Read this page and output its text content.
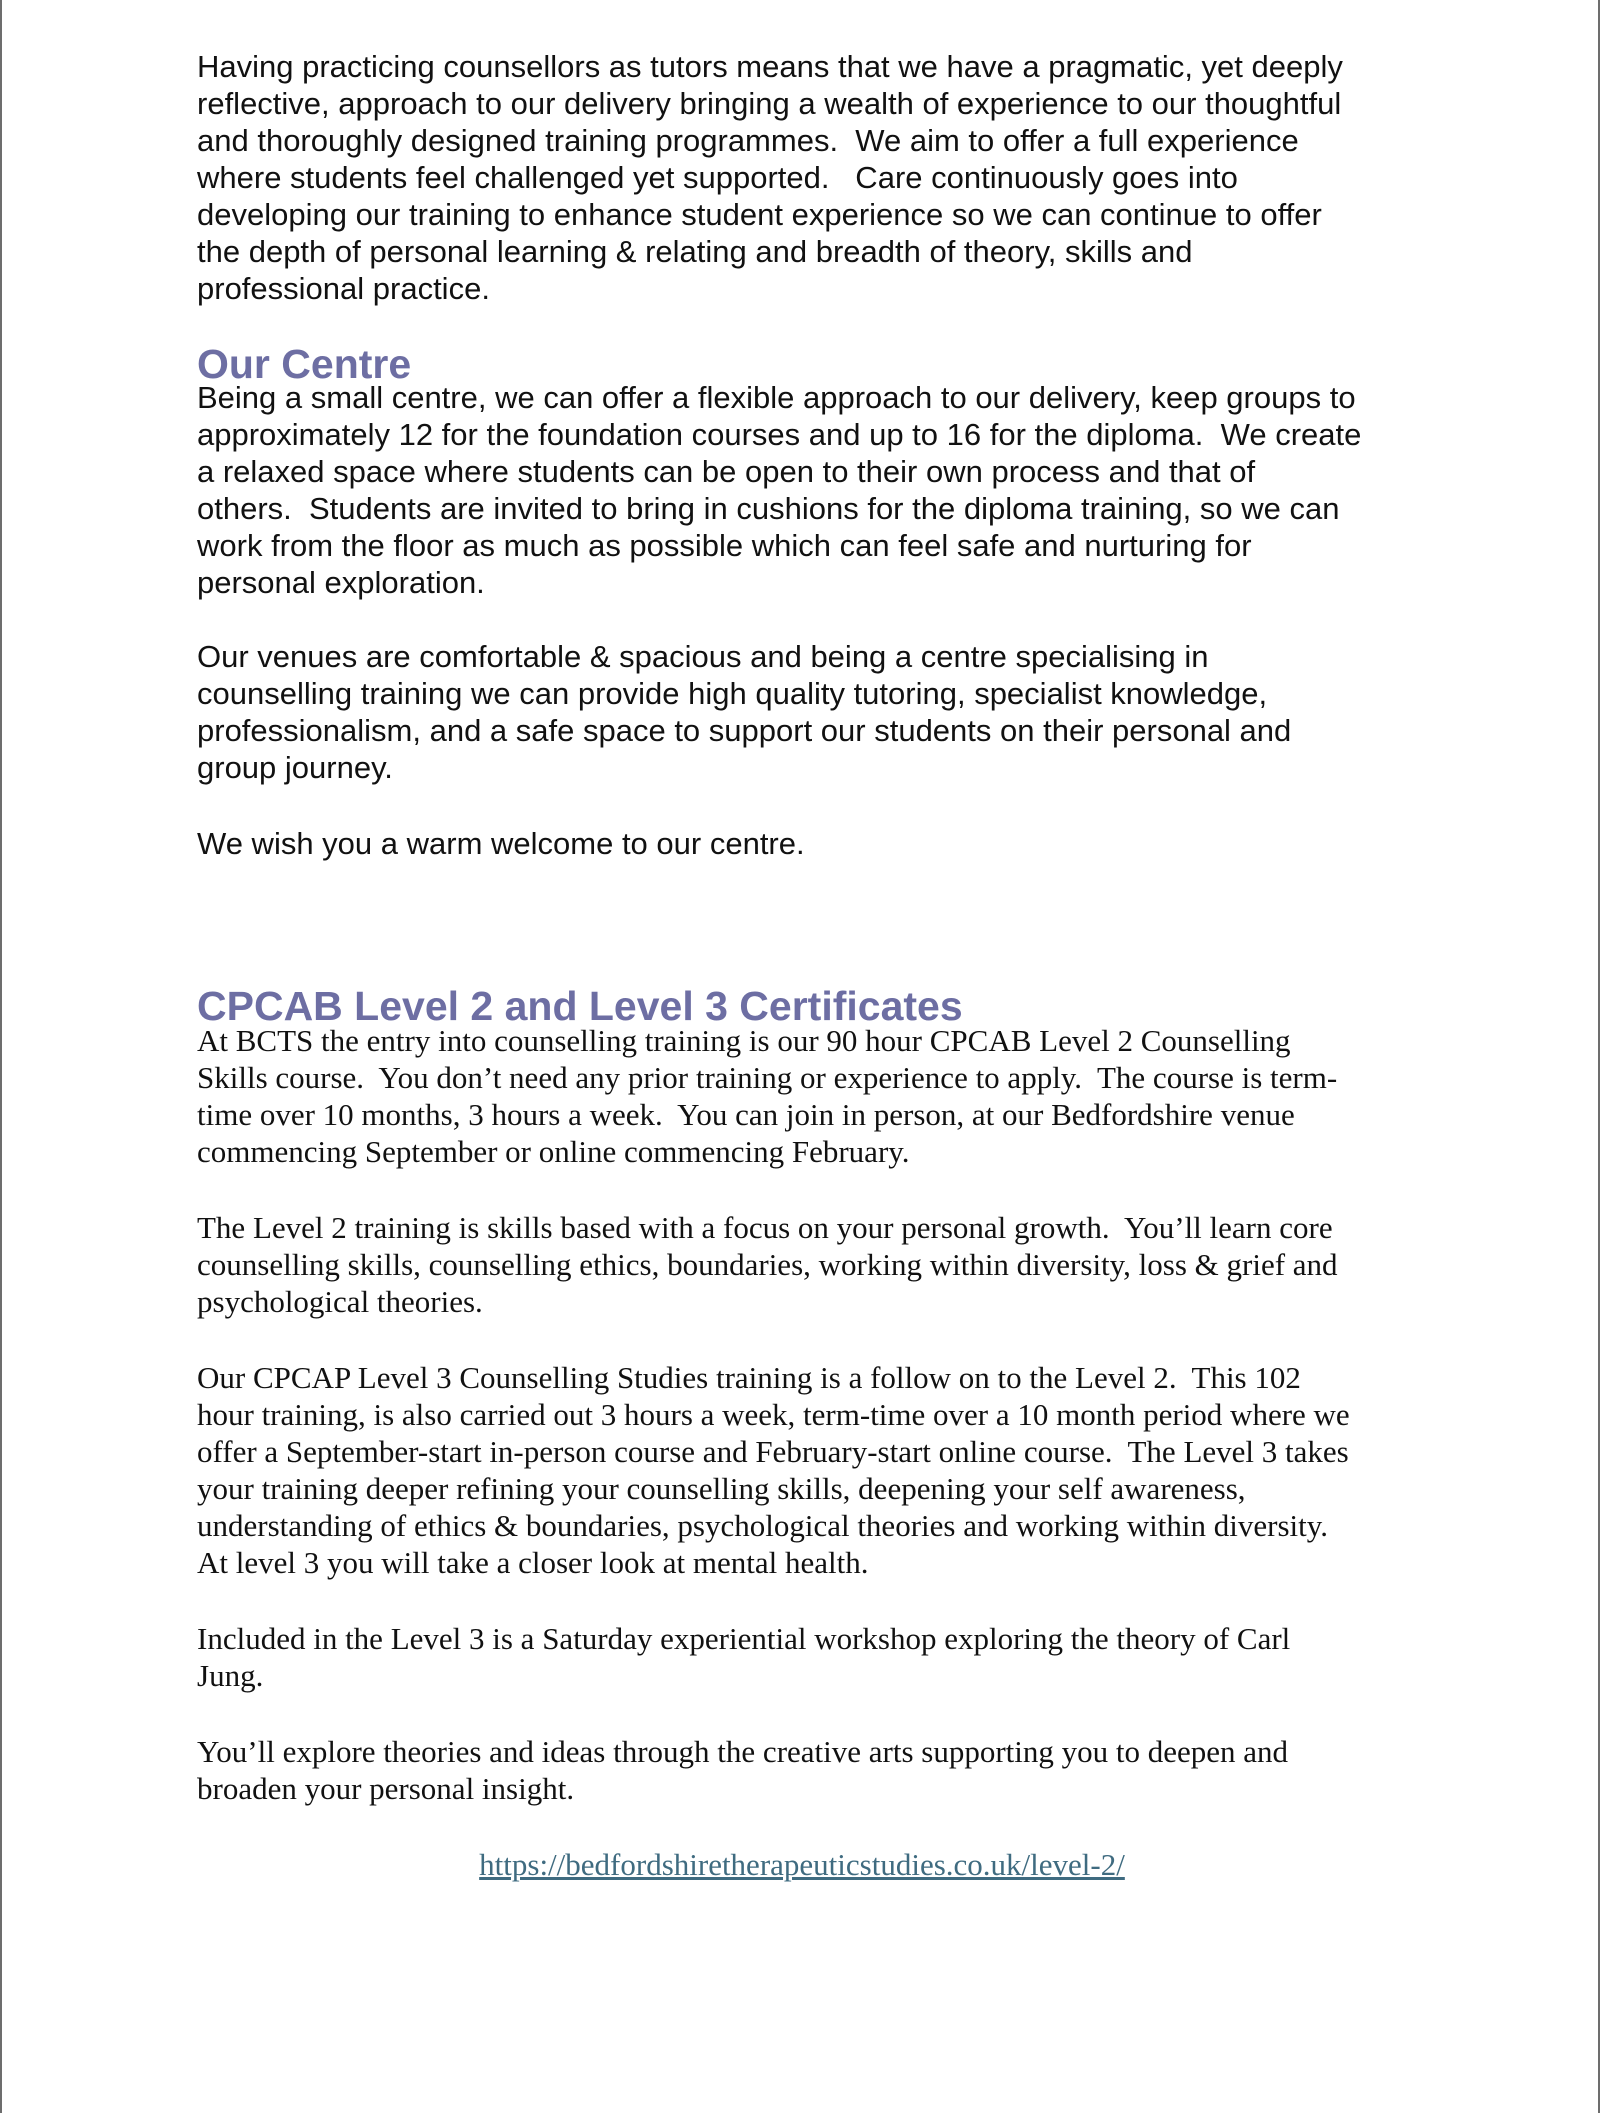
Having practicing counsellors as tutors means that we have a pragmatic, yet deeply
reflective, approach to our delivery bringing a wealth of experience to our thoughtful
and thoroughly designed training programmes.  We aim to offer a full experience
where students feel challenged yet supported.   Care continuously goes into
developing our training to enhance student experience so we can continue to offer
the depth of personal learning & relating and breadth of theory, skills and
professional practice.

Our Centre

Being a small centre, we can offer a flexible approach to our delivery, keep groups to
approximately 12 for the foundation courses and up to 16 for the diploma.  We create
a relaxed space where students can be open to their own process and that of
others.  Students are invited to bring in cushions for the diploma training, so we can
work from the floor as much as possible which can feel safe and nurturing for
personal exploration.

Our venues are comfortable & spacious and being a centre specialising in
counselling training we can provide high quality tutoring, specialist knowledge,
professionalism, and a safe space to support our students on their personal and
group journey.

We wish you a warm welcome to our centre.

CPCAB Level 2 and Level 3 Certificates

At BCTS the entry into counselling training is our 90 hour CPCAB Level 2 Counselling
Skills course.  You don’t need any prior training or experience to apply.  The course is term-
time over 10 months, 3 hours a week.  You can join in person, at our Bedfordshire venue
commencing September or online commencing February.

The Level 2 training is skills based with a focus on your personal growth.  You’ll learn core
counselling skills, counselling ethics, boundaries, working within diversity, loss & grief and
psychological theories.

Our CPCAP Level 3 Counselling Studies training is a follow on to the Level 2.  This 102
hour training, is also carried out 3 hours a week, term-time over a 10 month period where we
offer a September-start in-person course and February-start online course.  The Level 3 takes
your training deeper refining your counselling skills, deepening your self awareness,
understanding of ethics & boundaries, psychological theories and working within diversity.
At level 3 you will take a closer look at mental health.

Included in the Level 3 is a Saturday experiential workshop exploring the theory of Carl
Jung.

You’ll explore theories and ideas through the creative arts supporting you to deepen and
broaden your personal insight.

https://bedfordshiretherapeuticstudies.co.uk/level-2/
